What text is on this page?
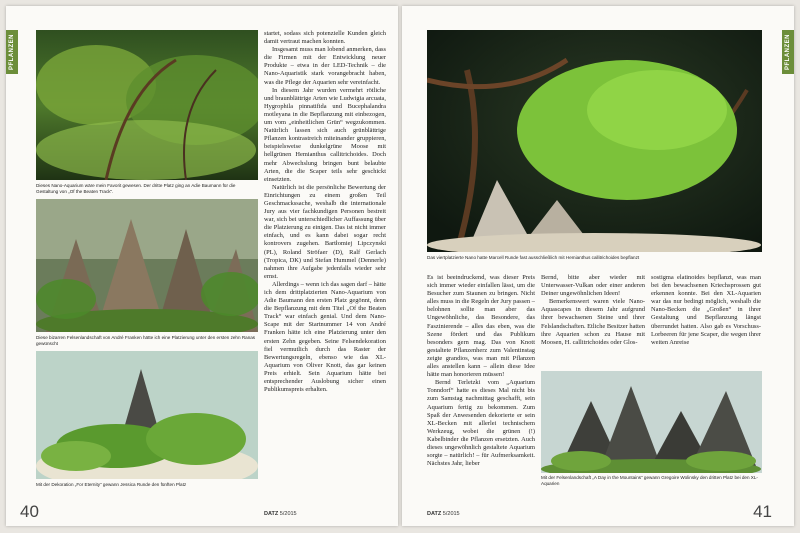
PFLANZEN
Dieses Nano-Aquarium wäre mein Favorit gewesen. Der dritte Platz ging an Adie Baumann für die Gestaltung von „Of the Beaten Track“.
Diese bizarren Felsenlandschaft von André Franken hätte ich eine Platzierung unter den ersten zehn Ranas gewünscht
Mit der Dekoration „For Eternity“ gewann Jessica Runde den fünften Platz

startet, sodass sich potenzielle Kunden gleich damit vertraut machen konnten.

Insgesamt muss man lobend anmerken, dass die Firmen mit der Entwicklung neuer Produkte – etwa in der LED-Technik – die Nano-Aquaristik stark vorangebracht haben, was die Pflege der Aquarien sehr vereinfacht.

In diesem Jahr wurden vermehrt rötliche und braunblättrige Arten wie Ludwigia arcuata, Hygrophila pinnatifida und Bucephalandra motleyana in die Bepflanzung mit einbezogen, um vom „einheitlichen Grün“ wegzukommen. Natürlich lassen sich auch grünblättrige Pflanzen kontrastreich miteinander gruppieren, beispielsweise dunkelgrüne Moose mit hellgrünen Hemianthus callitrichoides. Doch mehr Abwechslung bringen bunt belaubte Arten, die die Scaper teils sehr geschickt einsetzten.

Natürlich ist die persönliche Bewertung der Einrichtungen zu einem großen Teil Geschmackssache, weshalb die internationale Jury aus vier fachkundigen Personen bestreit war, sich bei unterschiedlicher Auffassung über die Platzierung zu einigen. Das ist nicht immer einfach, und es kann dabei sogar recht kontrovers zugehen. Bartłomiej Lipczynski (PL), Roland Ströfaer (D), Ralf Gerlach (Tropica, DK) und Stefan Hummel (Dennerle) nahmen ihre Aufgabe jedenfalls wieder sehr ernst.

Allerdings – wenn ich das sagen darf – hätte ich dem drittplatzierten Nano-Aquarium von Adie Baumann den ersten Platz gegönnt, denn die Bepflanzung mit dem Titel „Of the Beaten Track“ war einfach genial. Und dem Nano-Scape mit der Startnummer 14 von André Franken hätte ich eine Platzierung unter den ersten Zehn gegeben. Seine Felsendekoration fiel vermutlich durch das Raster der Bewertungsregeln, ebenso wie das XL-Aquarium von Oliver Knott, das gar keinen Preis erhielt. Sein Aquarium hätte bei entsprechender Auslobung sicher einen Publikumspreis erhalten.

40	DATZ 5/2015
PFLANZEN
Das viertplatzierte Nano hatte Marcell Runde fast ausschließlich mit Hemianthus callitrichoides bepflanzt

Es ist beeindruckend, was dieser Preis sich immer wieder einfallen lässt, um die Besucher zum Staunen zu bringen. Nicht alles muss in die Regeln der Jury passen – belohnen sollte man aber das Ungewöhnliche, das Besondere, das Faszinierende – alles das eben, was die Szene fördert und das Publikum besonders gern mag. Das von Knott gestaltete Pflanzenherz zum Valentinstag zeigte grandios, was man mit Pflanzen alles anstellen kann – allein diese Idee hätte man honorieren müssen!

Bernd Terletzki vom „Aquarium Tonndorf“ hatte es dieses Mal nicht bis zum Samstag nachmittag geschafft, sein Aquarium fertig zu bekommen. Zum Spaß der Anwesenden dekorierte er sein XL-Becken mit allerlei technischem Werkzeug, wobei die grünen (!) Kabelbinder die Pflanzen ersetzten. Auch dieses ungewöhnlich gestaltete Aquarium sorgte – natürlich! – für Aufmerksamkeit. Nächstes Jahr, lieber

Bernd, bitte aber wieder mit Unterwasser-Vulkan oder einer anderen Deiner ungewöhnlichen Ideen!

Bemerkenswert waren viele Nano-Aquascapes in diesem Jahr aufgrund ihrer bewachsenen Steine und ihrer Felslandschaften. Etliche Besitzer hatten ihre Aquarien schon zu Hause mit Moosen, H. callitrichoides oder Glos-

sostigma elatinoides bepflanzt, was man bei den bewachsenen Kriechsprossen gut erkennen konnte. Bei den XL-Aquarien war das nur bedingt möglich, weshalb die Nano-Becken die „Großen“ in ihrer Gestaltung und Bepflanzung längst überrundet hatten. Also gab es Vorschuss-Lorbeeren für jene Scaper, die wegen ihrer weiten Anreise

Mit der Felsenlandschaft „A Day in the Mountains“ gewann Gregoire Wolinsky den dritten Platz bei den XL-Aquarien
DATZ 5/2015	41
